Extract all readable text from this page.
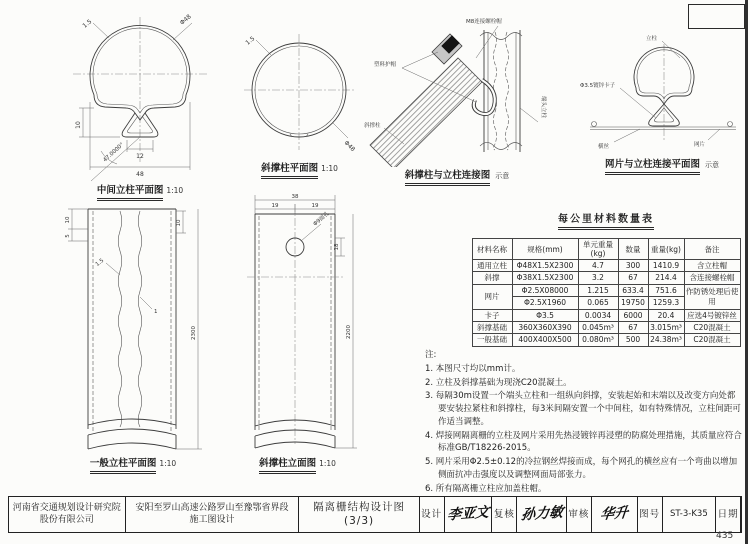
Φ48
1.5
10
12
48
47.0000°
中间立柱平面图 1:10
1.5
Φ48
斜撑柱平面图 1:10
M8连接螺栓帽
塑料护帽
斜撑柱
端头立柱
斜撑柱与立柱连接图 示意
立柱
Φ3.5镀锌卡子
横丝	网片
网片与立柱连接平面图 示意
10
5
10
1.5
1
2300
一般立柱平面图 1:10
38
19	19
Φ9圆孔
18
2200
斜撑柱立面图 1:10
每公里材料数量表
材料名称	规格(mm)	单元重量(kg)	数量	重量(kg)	备注
通用立柱	Φ48X1.5X2300	4.7	300	1410.9	含立柱帽
斜撑	Φ38X1.5X2300	3.2	67	214.4	含连接螺栓帽
网片	Φ2.5X08000	1.215	633.4	751.6	作防锈处理后使用
	Φ2.5X1960	0.065	19750	1259.3	
卡子	Φ3.5	0.0034	6000	20.4	应选4号镀锌丝
斜撑基础	360X360X390	0.045m³	67	3.015m³	C20混凝土
一般基础	400X400X500	0.080m³	500	24.38m³	C20混凝土
注:
1. 本图尺寸均以mm计。
2. 立柱及斜撑基础为现浇C20混凝土。
3. 每隔30m设置一个端头立柱和一组纵向斜撑，安装起始和末端以及改变方向处都要安装拉紧柱和斜撑柱，每3米间隔安置一个中间柱，如有特殊情况，立柱间距可作适当调整。
4. 焊接网隔离栅的立柱及网片采用先热浸镀锌再浸塑的防腐处理措施，其质量应符合标准GB/T18226-2015。
5. 网片采用Φ2.5±0.12的冷拉钢丝焊接而成，每个网孔的横丝应有一个弯曲以增加侧面抗冲击强度以及调整网面局部张力。
6. 所有隔离栅立柱应加盖柱帽。
河南省交通规划设计研究院
股份有限公司
安阳至罗山高速公路罗山至豫鄂省界段
施工图设计
隔离栅结构设计图(3/3)
设计 李亚文 复核 孙力敏 审核 华升 图号	ST-3-K35	日期
435
